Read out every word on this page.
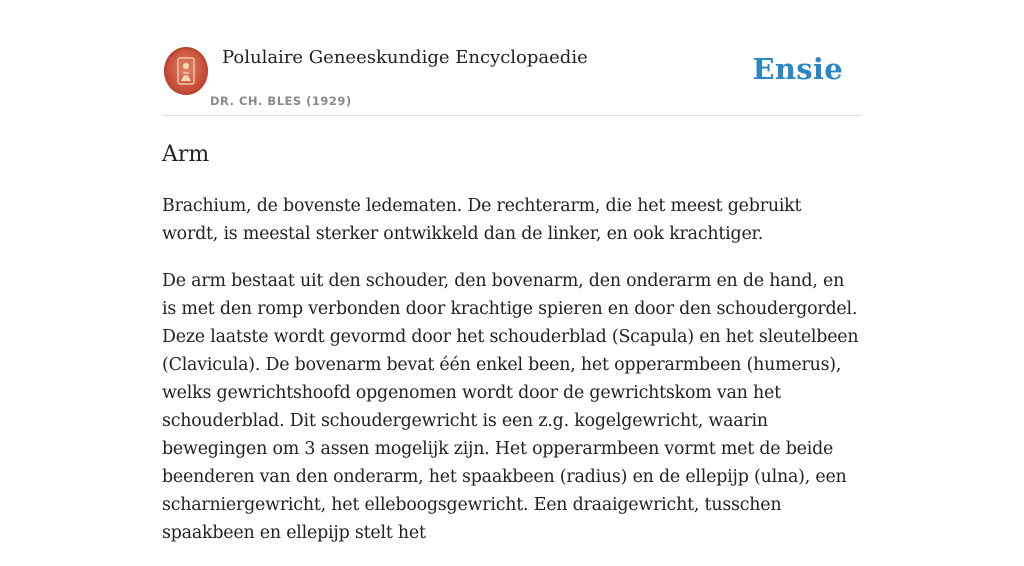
Polulaire Geneeskundige Encyclopaedie
DR. CH. BLES (1929)
Ensie
Arm

Brachium, de bovenste ledematen. De rechterarm, die het meest gebruikt wordt, is meestal sterker ontwikkeld dan de linker, en ook krachtiger.

De arm bestaat uit den schouder, den bovenarm, den onderarm en de hand, en is met den romp verbonden door krachtige spieren en door den schoudergordel. Deze laatste wordt gevormd door het schouderblad (Scapula) en het sleutelbeen (Clavicula). De bovenarm bevat één enkel been, het opperarmbeen (humerus), welks gewrichtshoofd opgenomen wordt door de gewrichtskom van het schouderblad. Dit schoudergewricht is een z.g. kogelgewricht, waarin bewegingen om 3 assen mogelijk zijn. Het opperarmbeen vormt met de beide beenderen van den onderarm, het spaakbeen (radius) en de ellepijp (ulna), een scharniergewricht, het elleboogsgewricht. Een draaigewricht, tusschen spaakbeen en ellepijp stelt het
